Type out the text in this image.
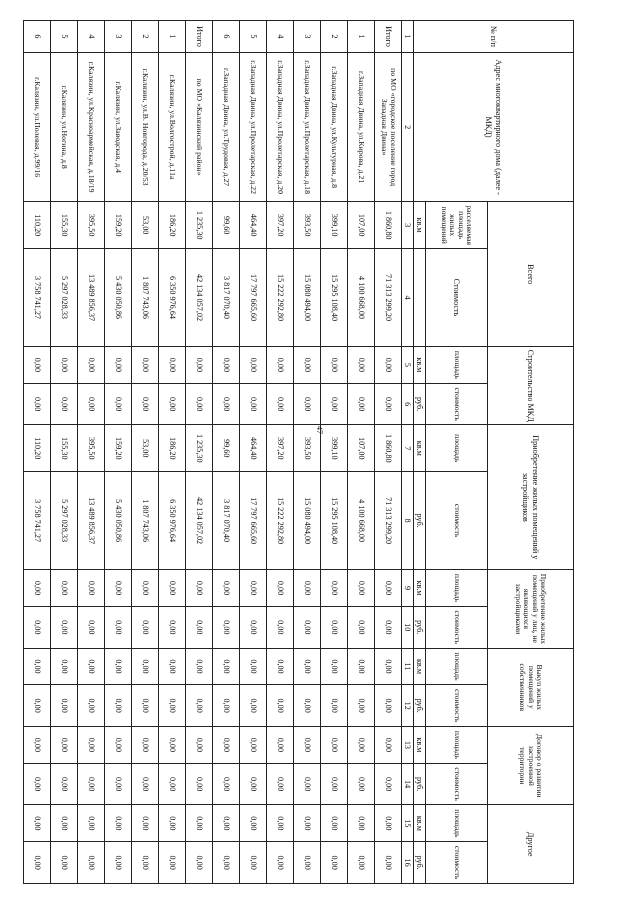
47
№ п/п	Адрес многоквартирного дома (далее - МКД)	Всего		Строительство МКД		Приобретение жилых помещений у застройщиков		Приобретение жилых помещений у лиц, не являющихся застройщиками		Выкуп жилых помещений у собственников		Договор о развитии застроенной территории		Другое	
		расселяемая площадь жилых помещений	Стоимость	площадь	стоимость	площадь	стоимость	площадь	стоимость	площадь	стоимость	площадь	стоимость	площадь	стоимость
		кв.м		кв.м	руб.	кв.м	руб.	кв.м	руб.	кв.м	руб.	кв.м	руб.	кв.м	руб.
1	2	3	4	5	6	7	8	9	10	11	12	13	14	15	16
Итого	по МО «городское поселение город Западная Двина»	1 860,80	71 313 299,20	0,00	0,00	1 860,80	71 313 299,20	0,00	0,00	0,00	0,00	0,00	0,00	0,00	0,00
1	г.Западная Двина, ул.Кирова, д.21	107,00	4 100 668,00	0,00	0,00	107,00	4 100 668,00	0,00	0,00	0,00	0,00	0,00	0,00	0,00	0,00
2	г.Западная Двина, ул.Культурная, д.8	399,10	15 295 108,40	0,00	0,00	399,10	15 295 108,40	0,00	0,00	0,00	0,00	0,00	0,00	0,00	0,00
3	г.Западная Двина, ул.Пролетарская, д.18	393,50	15 080 494,00	0,00	0,00	393,50	15 080 494,00	0,00	0,00	0,00	0,00	0,00	0,00	0,00	0,00
4	г.Западная Двина, ул.Пролетарская, д.20	397,20	15 222 292,80	0,00	0,00	397,20	15 222 292,80	0,00	0,00	0,00	0,00	0,00	0,00	0,00	0,00
5	г.Западная Двина, ул.Пролетарская, д.22	464,40	17 797 665,60	0,00	0,00	464,40	17 797 665,60	0,00	0,00	0,00	0,00	0,00	0,00	0,00	0,00
6	г.Западная Двина, ул.Трудовая, д.27	99,60	3 817 070,40	0,00	0,00	99,60	3 817 070,40	0,00	0,00	0,00	0,00	0,00	0,00	0,00	0,00
Итого	по МО «Калязинский район»	1 235,30	42 134 057,02	0,00	0,00	1 235,30	42 134 057,02	0,00	0,00	0,00	0,00	0,00	0,00	0,00	0,00
1	г.Калязин, ул.Волгострой, д.11а	186,20	6 350 976,64	0,00	0,00	186,20	6 350 976,64	0,00	0,00	0,00	0,00	0,00	0,00	0,00	0,00
2	г.Калязин, ул.В. Новгорода, д.20/53	53,00	1 807 743,06	0,00	0,00	53,00	1 807 743,06	0,00	0,00	0,00	0,00	0,00	0,00	0,00	0,00
3	г.Калязин, ул.Заводская, д.4	159,20	5 430 050,86	0,00	0,00	159,20	5 430 050,86	0,00	0,00	0,00	0,00	0,00	0,00	0,00	0,00
4	г.Калязин, ул.Красноармейская, д.18/19	395,50	13 489 856,37	0,00	0,00	395,50	13 489 856,37	0,00	0,00	0,00	0,00	0,00	0,00	0,00	0,00
5	г.Калязин, ул.Ногина, д.8	155,30	5 297 028,33	0,00	0,00	155,30	5 297 028,33	0,00	0,00	0,00	0,00	0,00	0,00	0,00	0,00
6	г.Калязин, ул.Полевая, д.99/16	110,20	3 758 741,27	0,00	0,00	110,20	3 758 741,27	0,00	0,00	0,00	0,00	0,00	0,00	0,00	0,00
